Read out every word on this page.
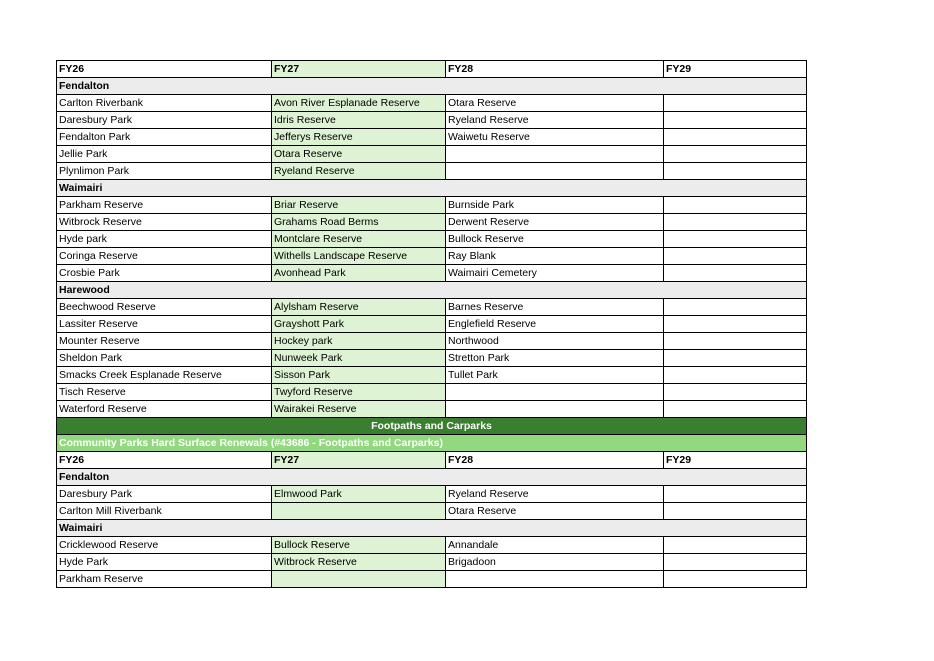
FY26	FY27	FY28	FY29
Fendalton			
Carlton Riverbank	Avon River Esplanade Reserve	Otara Reserve	
Daresbury Park	Idris Reserve	Ryeland Reserve	
Fendalton Park	Jefferys Reserve	Waiwetu Reserve	
Jellie Park	Otara Reserve		
Plynlimon Park	Ryeland Reserve		
Waimairi			
Parkham Reserve	Briar Reserve	Burnside Park	
Witbrock Reserve	Grahams Road Berms	Derwent Reserve	
Hyde park	Montclare Reserve	Bullock Reserve	
Coringa Reserve	Withells Landscape Reserve	Ray Blank	
Crosbie Park	Avonhead Park	Waimairi Cemetery	
Harewood			
Beechwood Reserve	Alylsham Reserve	Barnes Reserve	
Lassiter Reserve	Grayshott Park	Englefield Reserve	
Mounter Reserve	Hockey park	Northwood	
Sheldon Park	Nunweek Park	Stretton Park	
Smacks Creek Esplanade Reserve	Sisson Park	Tullet Park	
Tisch Reserve	Twyford Reserve		
Waterford Reserve	Wairakei Reserve		
Footpaths and Carparks			
Community Parks Hard Surface Renewals (#43686 - Footpaths and Carparks)			
FY26	FY27	FY28	FY29
Fendalton			
Daresbury Park	Elmwood Park	Ryeland Reserve	
Carlton Mill Riverbank		Otara Reserve	
Waimairi			
Cricklewood Reserve	Bullock Reserve	Annandale	
Hyde Park	Witbrock Reserve	Brigadoon	
Parkham Reserve			
